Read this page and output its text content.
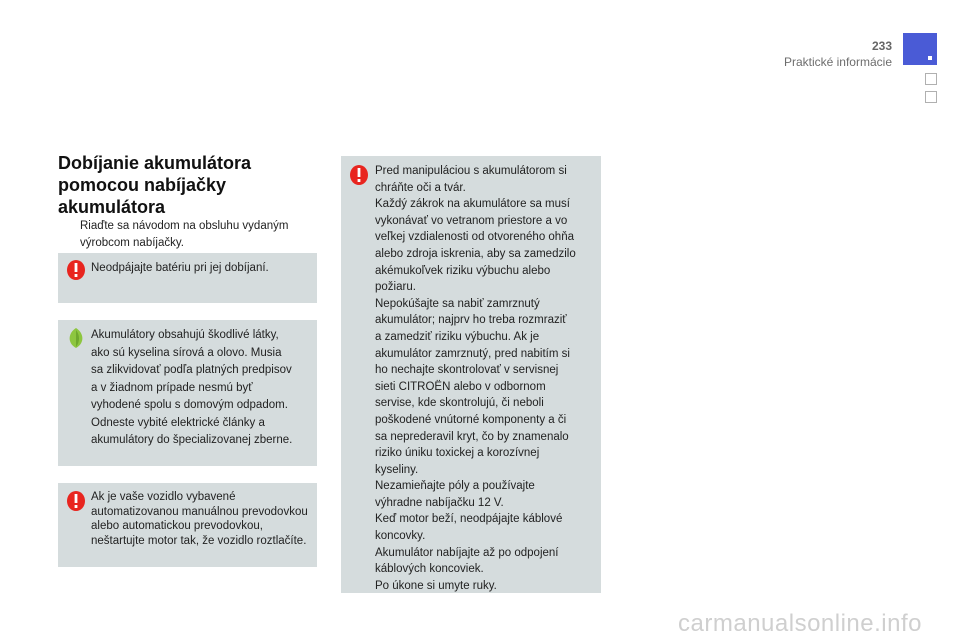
233
Praktické informácie
Dobíjanie akumulátora pomocou nabíjačky akumulátora
Riaďte sa návodom na obsluhu vydaným výrobcom nabíjačky.
Neodpájajte batériu pri jej dobíjaní.

Akumulátory obsahujú škodlivé látky,

ako sú kyselina sírová a olovo. Musia

sa zlikvidovať podľa platných predpisov

a v žiadnom prípade nesmú byť

vyhodené spolu s domovým odpadom.

Odneste vybité elektrické články a

akumulátory do špecializovanej zberne.

Ak je vaše vozidlo vybavené automatizovanou manuálnou prevodovkou alebo automatickou prevodovkou, neštartujte motor tak, že vozidlo roztlačíte.

Pred manipuláciou s akumulátorom si

chráňte oči a tvár.

Každý zákrok na akumulátore sa musí

vykonávať vo vetranom priestore a vo

veľkej vzdialenosti od otvoreného ohňa

alebo zdroja iskrenia, aby sa zamedzilo

akémukoľvek riziku výbuchu alebo

požiaru.

Nepokúšajte sa nabiť zamrznutý

akumulátor; najprv ho treba rozmraziť

a zamedziť riziku výbuchu. Ak je

akumulátor zamrznutý, pred nabitím si

ho nechajte skontrolovať v servisnej

sieti CITROËN alebo v odbornom

servise, kde skontrolujú, či neboli

poškodené vnútorné komponenty a či

sa neprederavil kryt, čo by znamenalo

riziko úniku toxickej a korozívnej

kyseliny.

Nezamieňajte póly a používajte

výhradne nabíjačku 12 V.

Keď motor beží, neodpájajte káblové

koncovky.

Akumulátor nabíjajte až po odpojení

káblových koncoviek.

Po úkone si umyte ruky.

carmanualsonline.info
